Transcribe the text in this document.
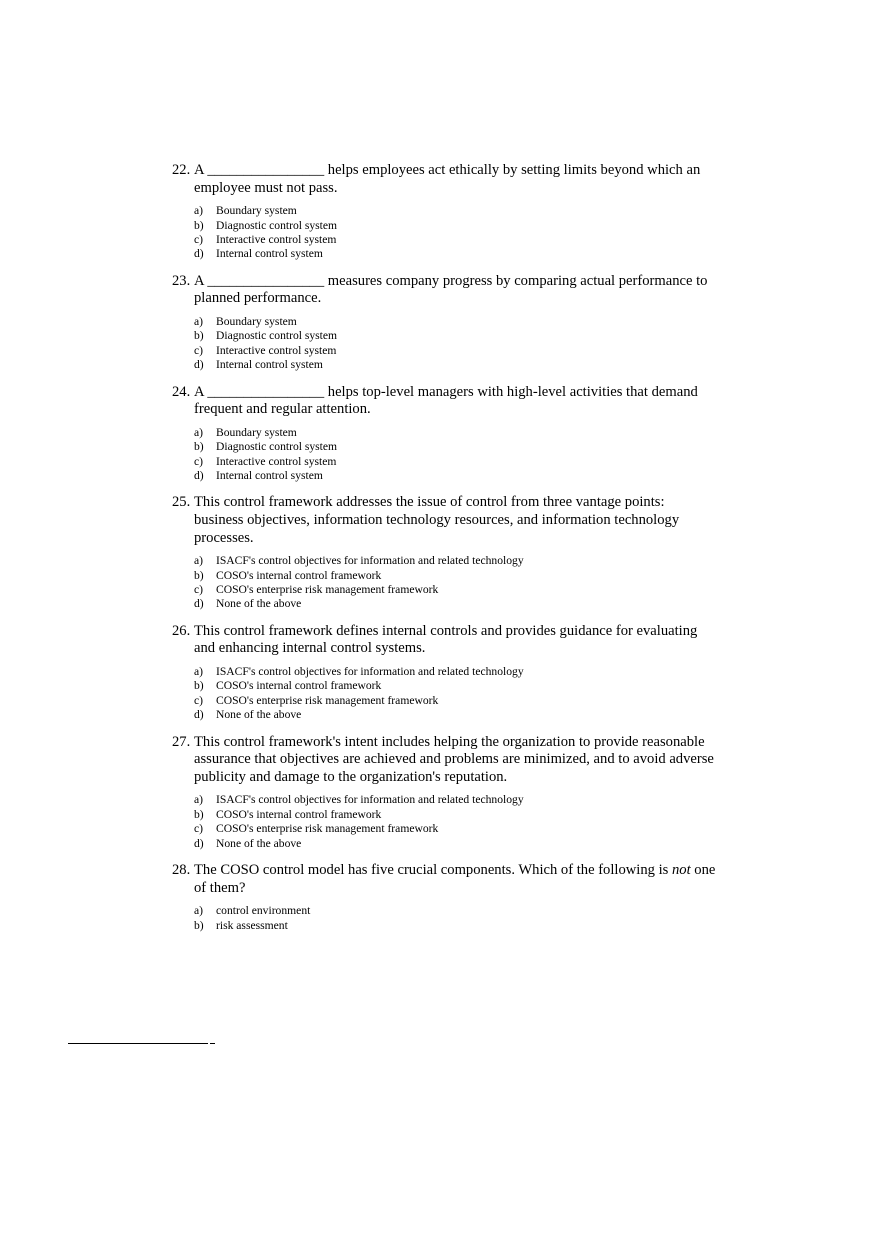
22. A ________________ helps employees act ethically by setting limits beyond which an employee must not pass.
a)	Boundary system
b)	Diagnostic control system
c)	Interactive control system
d)	Internal control system
23. A ________________ measures company progress by comparing actual performance to planned performance.
a)	Boundary system
b)	Diagnostic control system
c)	Interactive control system
d)	Internal control system
24. A ________________ helps top-level managers with high-level activities that demand frequent and regular attention.
a)	Boundary system
b)	Diagnostic control system
c)	Interactive control system
d)	Internal control system
25. This control framework addresses the issue of control from three vantage points: business objectives, information technology resources, and information technology processes.
a)	ISACF's control objectives for information and related technology
b)	COSO's internal control framework
c)	COSO's enterprise risk management framework
d)	None of the above
26. This control framework defines internal controls and provides guidance for evaluating and enhancing internal control systems.
a)	ISACF's control objectives for information and related technology
b)	COSO's internal control framework
c)	COSO's enterprise risk management framework
d)	None of the above
27. This control framework's intent includes helping the organization to provide reasonable assurance that objectives are achieved and problems are minimized, and to avoid adverse publicity and damage to the organization's reputation.
a)	ISACF's control objectives for information and related technology
b)	COSO's internal control framework
c)	COSO's enterprise risk management framework
d)	None of the above
28. The COSO control model has five crucial components. Which of the following is not one of them?
a)	control environment
b)	risk assessment
